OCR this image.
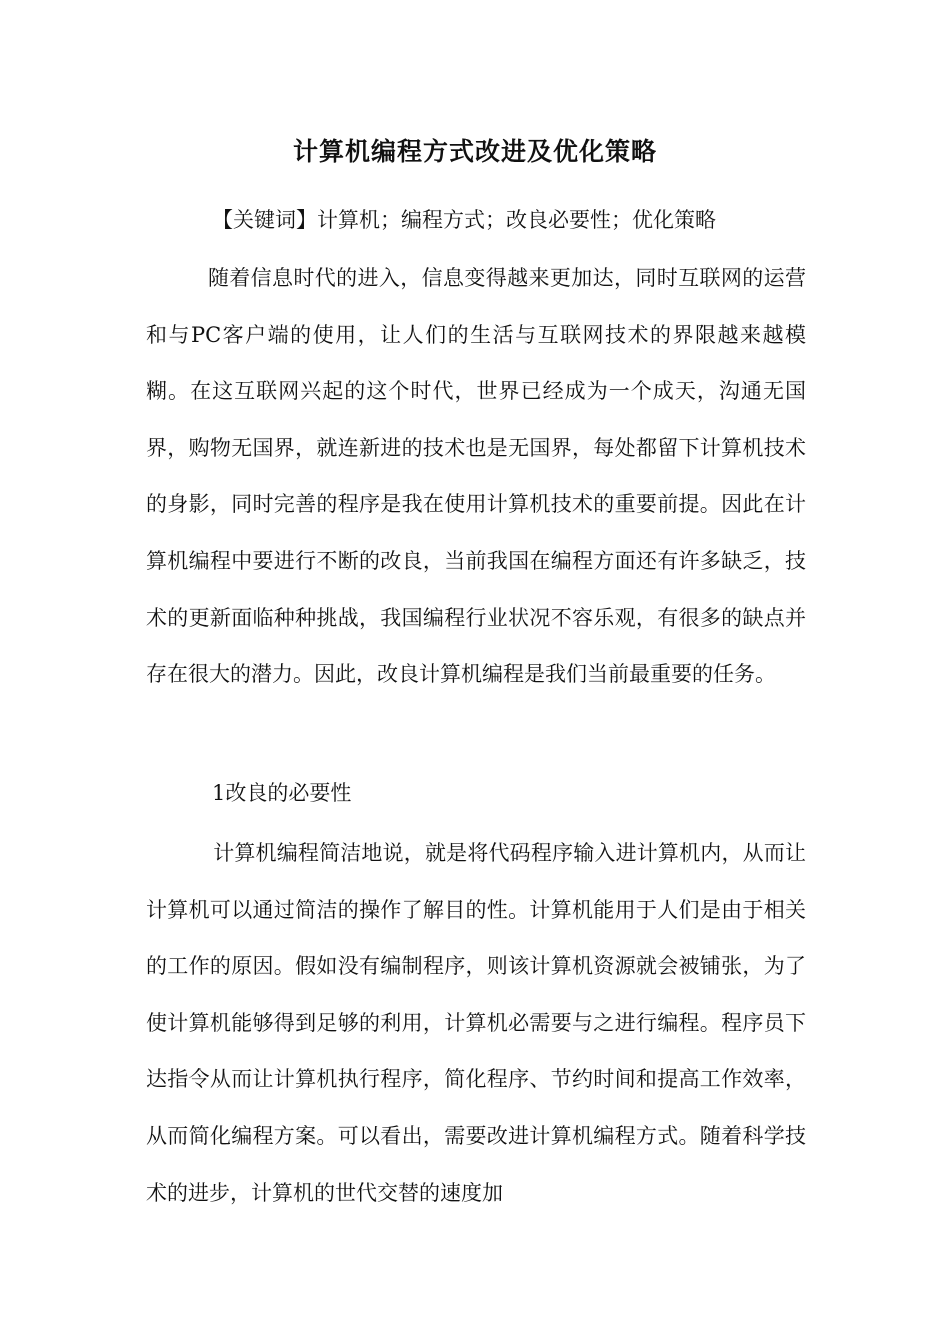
计算机编程方式改进及优化策略
【关键词】计算机；编程方式；改良必要性；优化策略

随着信息时代的进入，信息变得越来更加达，同时互联网的运营和与PC客户端的使用，让人们的生活与互联网技术的界限越来越模糊。在这互联网兴起的这个时代，世界已经成为一个成天，沟通无国界，购物无国界，就连新进的技术也是无国界，每处都留下计算机技术的身影，同时完善的程序是我在使用计算机技术的重要前提。因此在计算机编程中要进行不断的改良，当前我国在编程方面还有许多缺乏，技术的更新面临种种挑战，我国编程行业状况不容乐观，有很多的缺点并存在很大的潜力。因此，改良计算机编程是我们当前最重要的任务。

1改良的必要性

计算机编程简洁地说，就是将代码程序输入进计算机内，从而让计算机可以通过简洁的操作了解目的性。计算机能用于人们是由于相关的工作的原因。假如没有编制程序，则该计算机资源就会被铺张，为了使计算机能够得到足够的利用，计算机必需要与之进行编程。程序员下达指令从而让计算机执行程序，简化程序、节约时间和提高工作效率，从而简化编程方案。可以看出，需要改进计算机编程方式。随着科学技术的进步，计算机的世代交替的速度加
